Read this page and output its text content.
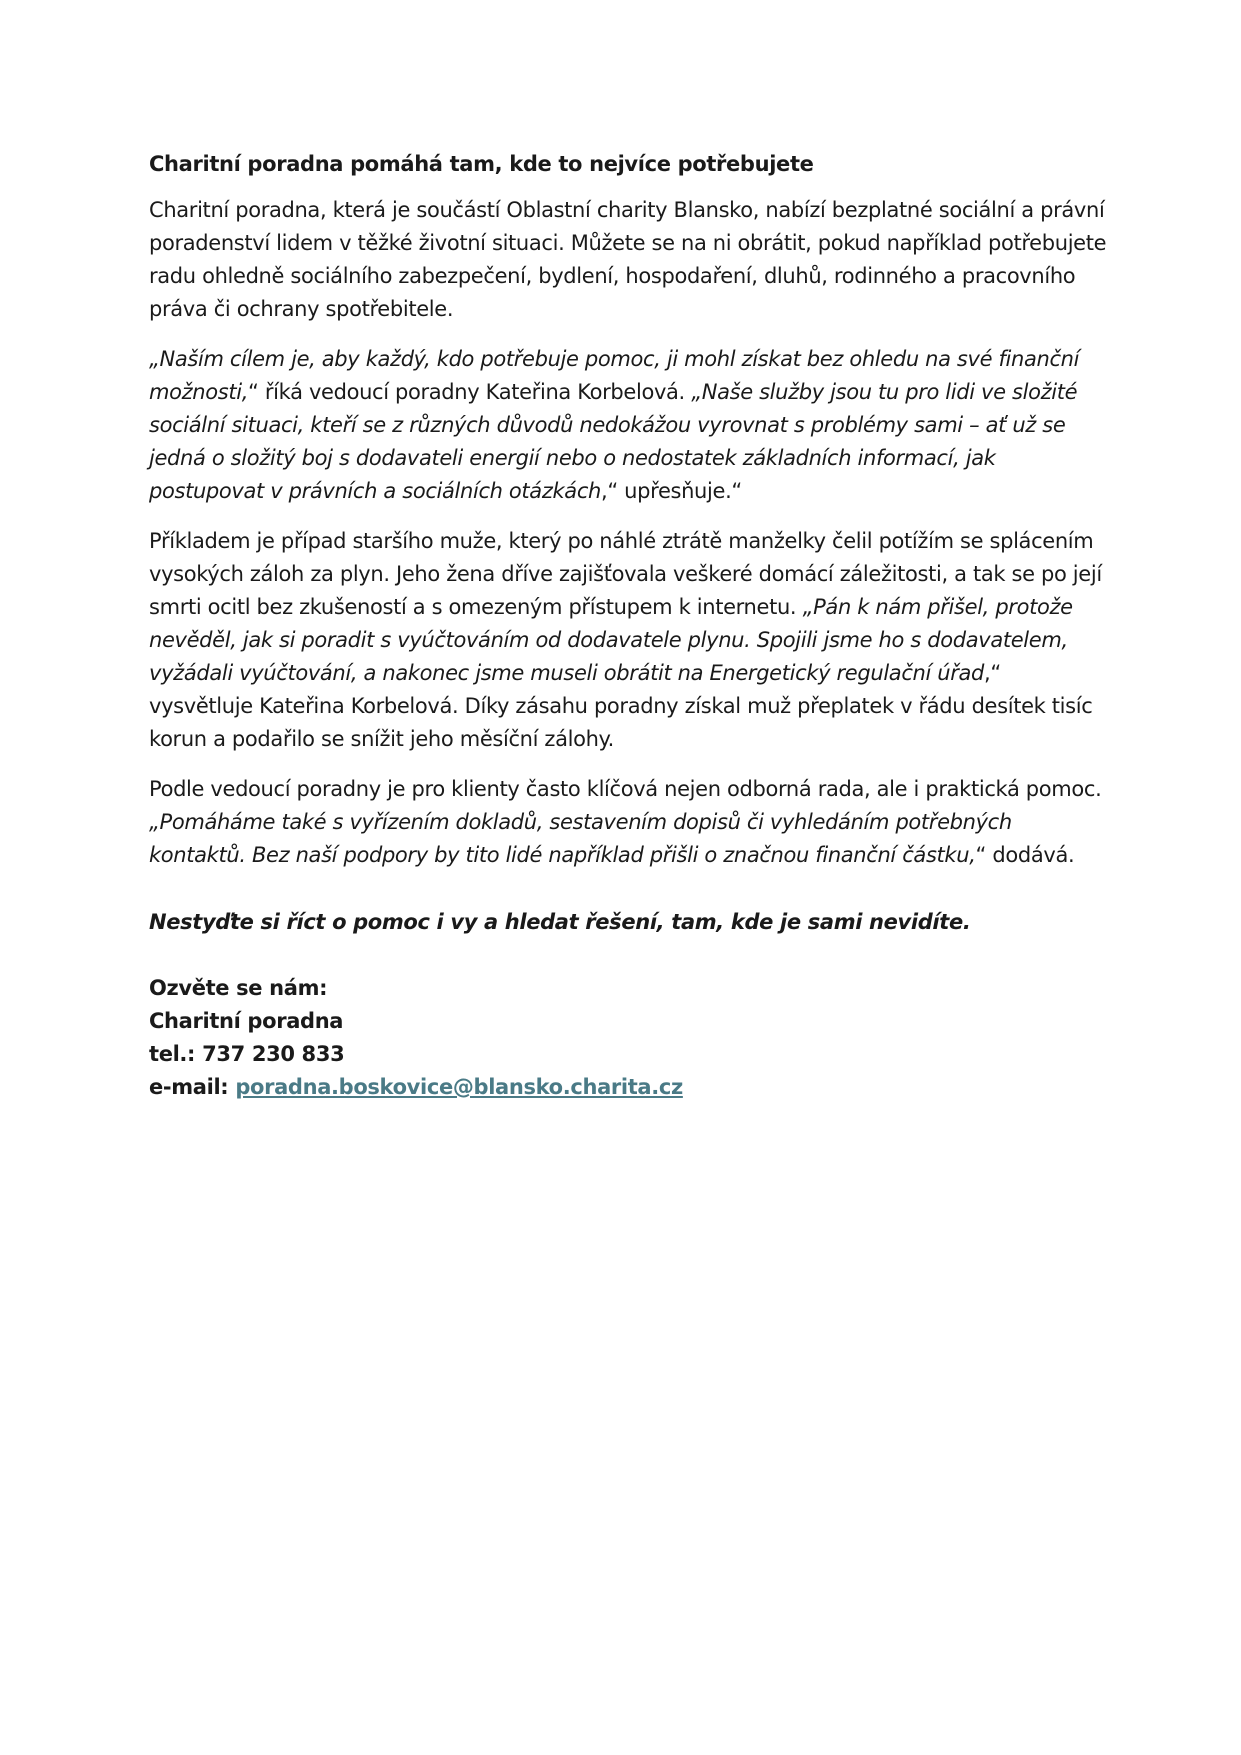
Charitní poradna pomáhá tam, kde to nejvíce potřebujete

Charitní poradna, která je součástí Oblastní charity Blansko, nabízí bezplatné sociální a právní poradenství lidem v těžké životní situaci. Můžete se na ni obrátit, pokud například potřebujete radu ohledně sociálního zabezpečení, bydlení, hospodaření, dluhů, rodinného a pracovního práva či ochrany spotřebitele.

„Naším cílem je, aby každý, kdo potřebuje pomoc, ji mohl získat bez ohledu na své finanční možnosti,“ říká vedoucí poradny Kateřina Korbelová. „Naše služby jsou tu pro lidi ve složité sociální situaci, kteří se z různých důvodů nedokážou vyrovnat s problémy sami – ať už se jedná o složitý boj s dodavateli energií nebo o nedostatek základních informací, jak postupovat v právních a sociálních otázkách,“ upřesňuje.“

Příkladem je případ staršího muže, který po náhlé ztrátě manželky čelil potížím se splácením vysokých záloh za plyn. Jeho žena dříve zajišťovala veškeré domácí záležitosti, a tak se po její smrti ocitl bez zkušeností a s omezeným přístupem k internetu. „Pán k nám přišel, protože nevěděl, jak si poradit s vyúčtováním od dodavatele plynu. Spojili jsme ho s dodavatelem, vyžádali vyúčtování, a nakonec jsme museli obrátit na Energetický regulační úřad,“ vysvětluje Kateřina Korbelová. Díky zásahu poradny získal muž přeplatek v řádu desítek tisíc korun a podařilo se snížit jeho měsíční zálohy.

Podle vedoucí poradny je pro klienty často klíčová nejen odborná rada, ale i praktická pomoc. „Pomáháme také s vyřízením dokladů, sestavením dopisů či vyhledáním potřebných kontaktů. Bez naší podpory by tito lidé například přišli o značnou finanční částku,“ dodává.

Nestyďte si říct o pomoc i vy a hledat řešení, tam, kde je sami nevidíte.

Ozvěte se nám:
Charitní poradna
tel.: 737 230 833
e-mail: poradna.boskovice@blansko.charita.cz
